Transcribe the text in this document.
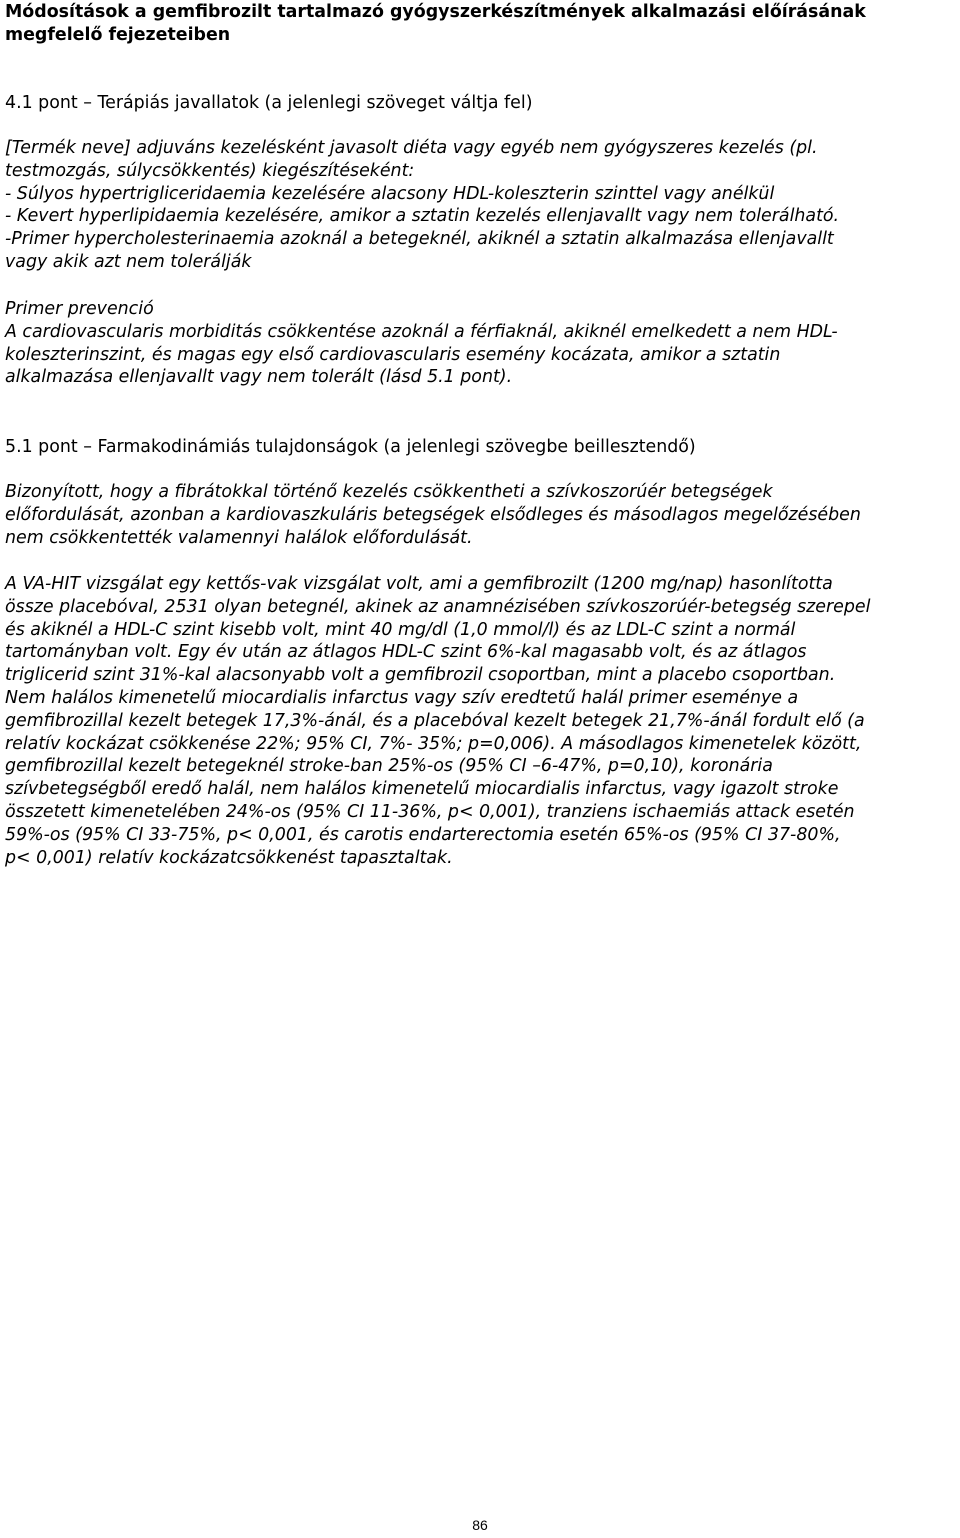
Módosítások a gemfibrozilt tartalmazó gyógyszerkészítmények alkalmazási előírásának
megfelelő fejezeteiben
4.1 pont – Terápiás javallatok (a jelenlegi szöveget váltja fel)
[Termék neve] adjuváns kezelésként javasolt diéta vagy egyéb nem gyógyszeres kezelés (pl.
testmozgás, súlycsökkentés) kiegészítéseként:
- Súlyos hypertrigliceridaemia kezelésére alacsony HDL-koleszterin szinttel vagy anélkül
- Kevert hyperlipidaemia kezelésére, amikor a sztatin kezelés ellenjavallt vagy nem tolerálható.
-Primer hypercholesterinaemia azoknál a betegeknél, akiknél a sztatin alkalmazása ellenjavallt
vagy akik azt nem tolerálják
Primer prevenció
A cardiovascularis morbiditás csökkentése azoknál a férfiaknál, akiknél emelkedett a nem HDL-
koleszterinszint, és magas egy első cardiovascularis esemény kocázata, amikor a sztatin
alkalmazása ellenjavallt vagy nem tolerált (lásd 5.1 pont).
5.1 pont – Farmakodinámiás tulajdonságok (a jelenlegi szövegbe beillesztendő)
Bizonyított, hogy a fibrátokkal történő kezelés csökkentheti a szívkoszorúér betegségek
előfordulását, azonban a kardiovaszkuláris betegségek elsődleges és másodlagos megelőzésében
nem csökkentették valamennyi halálok előfordulását.
A VA-HIT vizsgálat egy kettős-vak vizsgálat volt, ami a gemfibrozilt (1200 mg/nap) hasonlította
össze placebóval, 2531 olyan betegnél, akinek az anamnézisében szívkoszorúér-betegség szerepel
és akiknél a HDL-C szint kisebb volt, mint 40 mg/dl (1,0 mmol/l) és az LDL-C szint a normál
tartományban volt. Egy év után az átlagos HDL-C szint 6%-kal magasabb volt, és az átlagos
triglicerid szint 31%-kal alacsonyabb volt a gemfibrozil csoportban, mint a placebo csoportban.
Nem halálos kimenetelű miocardialis infarctus vagy szív eredtetű halál primer eseménye a
gemfibrozillal kezelt betegek 17,3%-ánál, és a placebóval kezelt betegek 21,7%-ánál fordult elő (a
relatív kockázat csökkenése 22%; 95% CI, 7%- 35%; p=0,006). A másodlagos kimenetelek között,
gemfibrozillal kezelt betegeknél stroke-ban 25%-os (95% CI –6-47%, p=0,10), koronária
szívbetegségből eredő halál, nem halálos kimenetelű miocardialis infarctus, vagy igazolt stroke
összetett kimenetelében 24%-os (95% CI 11-36%, p< 0,001), tranziens ischaemiás attack esetén
59%-os (95% CI 33-75%, p< 0,001, és carotis endarterectomia esetén 65%-os (95% CI 37-80%,
p< 0,001) relatív kockázatcsökkenést tapasztaltak.
86
